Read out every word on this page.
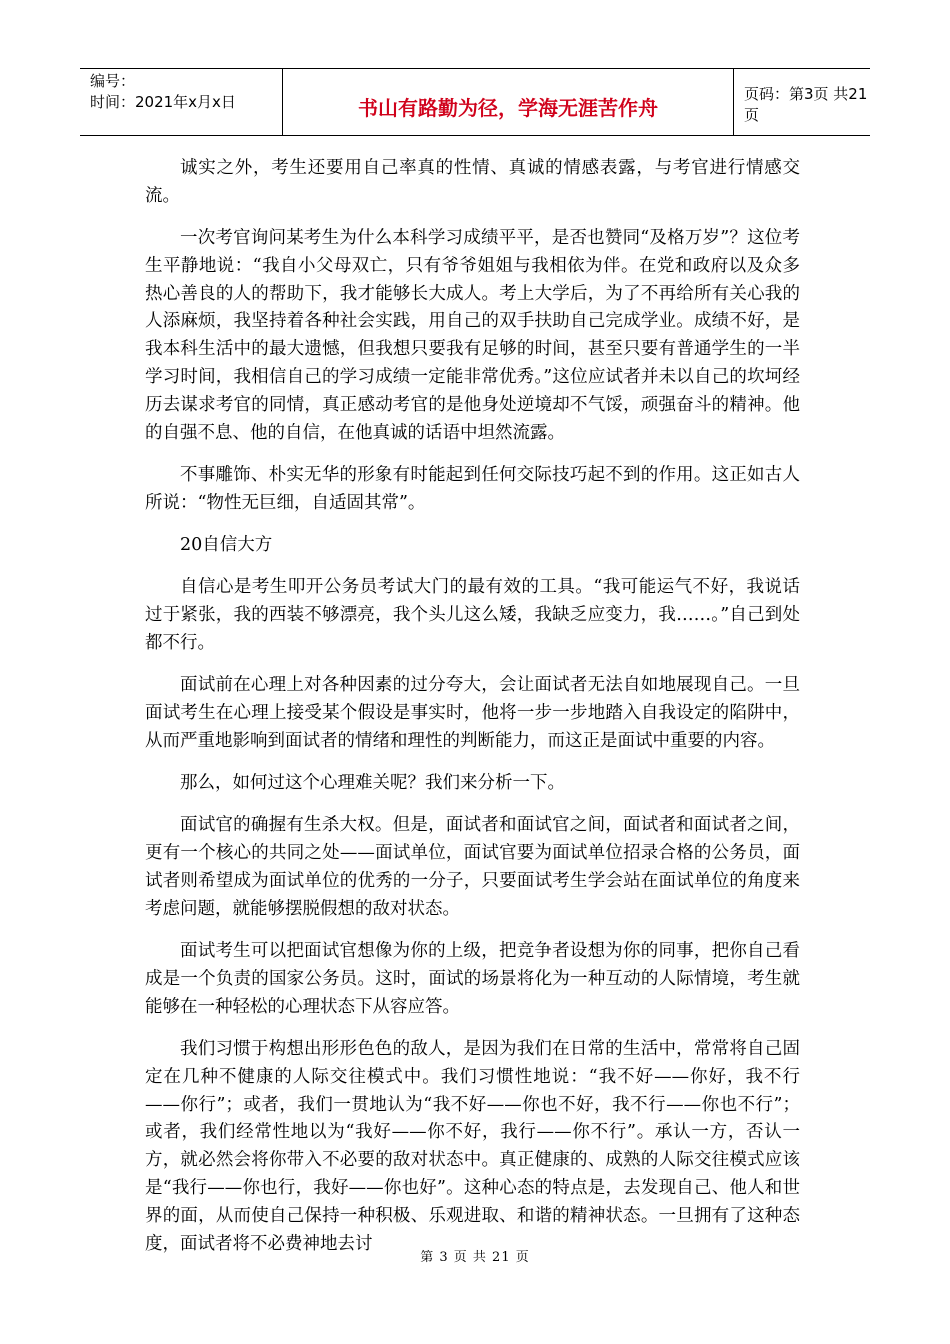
编号：
时间：2021年x月x日	书山有路勤为径，学海无涯苦作舟
页码：第3页 共21页

诚实之外，考生还要用自己率真的性情、真诚的情感表露，与考官进行情感交流。

一次考官询问某考生为什么本科学习成绩平平，是否也赞同“及格万岁”？这位考生平静地说：“我自小父母双亡，只有爷爷姐姐与我相依为伴。在党和政府以及众多热心善良的人的帮助下，我才能够长大成人。考上大学后，为了不再给所有关心我的人添麻烦，我坚持着各种社会实践，用自己的双手扶助自己完成学业。成绩不好，是我本科生活中的最大遗憾，但我想只要我有足够的时间，甚至只要有普通学生的一半学习时间，我相信自己的学习成绩一定能非常优秀。”这位应试者并未以自己的坎坷经历去谋求考官的同情，真正感动考官的是他身处逆境却不气馁，顽强奋斗的精神。他的自强不息、他的自信，在他真诚的话语中坦然流露。

不事雕饰、朴实无华的形象有时能起到任何交际技巧起不到的作用。这正如古人所说：“物性无巨细，自适固其常”。

20自信大方

自信心是考生叩开公务员考试大门的最有效的工具。“我可能运气不好，我说话过于紧张，我的西装不够漂亮，我个头儿这么矮，我缺乏应变力，我……。”自己到处都不行。

面试前在心理上对各种因素的过分夸大，会让面试者无法自如地展现自己。一旦面试考生在心理上接受某个假设是事实时，他将一步一步地踏入自我设定的陷阱中，从而严重地影响到面试者的情绪和理性的判断能力，而这正是面试中重要的内容。

那么，如何过这个心理难关呢？我们来分析一下。

面试官的确握有生杀大权。但是，面试者和面试官之间，面试者和面试者之间，更有一个核心的共同之处——面试单位，面试官要为面试单位招录合格的公务员，面试者则希望成为面试单位的优秀的一分子，只要面试考生学会站在面试单位的角度来考虑问题，就能够摆脱假想的敌对状态。

面试考生可以把面试官想像为你的上级，把竞争者设想为你的同事，把你自己看成是一个负责的国家公务员。这时，面试的场景将化为一种互动的人际情境，考生就能够在一种轻松的心理状态下从容应答。

我们习惯于构想出形形色色的敌人，是因为我们在日常的生活中，常常将自己固定在几种不健康的人际交往模式中。我们习惯性地说：“我不好——你好，我不行——你行”；或者，我们一贯地认为“我不好——你也不好，我不行——你也不行”；或者，我们经常性地以为“我好——你不好，我行——你不行”。承认一方，否认一方，就必然会将你带入不必要的敌对状态中。真正健康的、成熟的人际交往模式应该是“我行——你也行，我好——你也好”。这种心态的特点是，去发现自己、他人和世界的面，从而使自己保持一种积极、乐观进取、和谐的精神状态。一旦拥有了这种态度，面试者将不必费神地去讨

第 3 页 共 21 页
